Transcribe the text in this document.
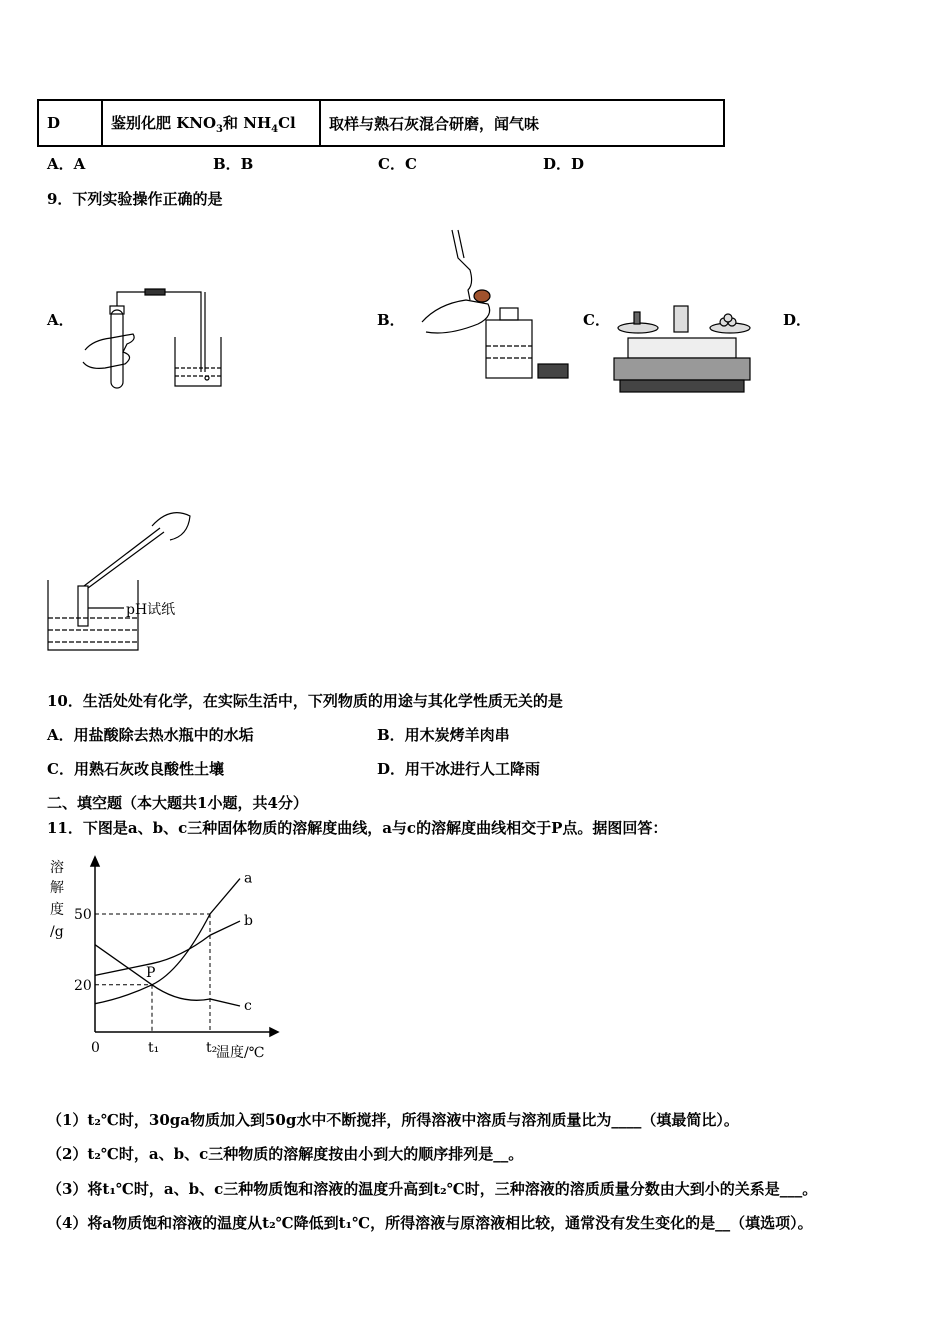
D	鉴别化肥 $KNO_3$和 $NH_4Cl$	取样与熟石灰混合研磨，闻气味
A．A	B．B	C．C	D．D
9．下列实验操作正确的是
A．	B．	C．	D．
pH试纸
10．生活处处有化学，在实际生活中，下列物质的用途与其化学性质无关的是
A．用盐酸除去热水瓶中的水垢	B．用木炭烤羊肉串
C．用熟石灰改良酸性土壤	D．用干冰进行人工降雨
二、填空题（本大题共1小题，共4分）
11．下图是a、b、c三种固体物质的溶解度曲线，a与c的溶解度曲线相交于P点。据图回答：
a
b
c
20
50
0	t₁	t₂
P
溶
解
度
/g
温度/℃
（1）t₂℃时，30ga物质加入到50g水中不断搅拌，所得溶液中溶质与溶剂质量比为____（填最简比）。
（2）t₂℃时，a、b、c三种物质的溶解度按由小到大的顺序排列是__。
（3）将t₁℃时，a、b、c三种物质饱和溶液的温度升高到t₂℃时，三种溶液的溶质质量分数由大到小的关系是___。
（4）将a物质饱和溶液的温度从t₂℃降低到t₁℃，所得溶液与原溶液相比较，通常没有发生变化的是__（填选项）。
